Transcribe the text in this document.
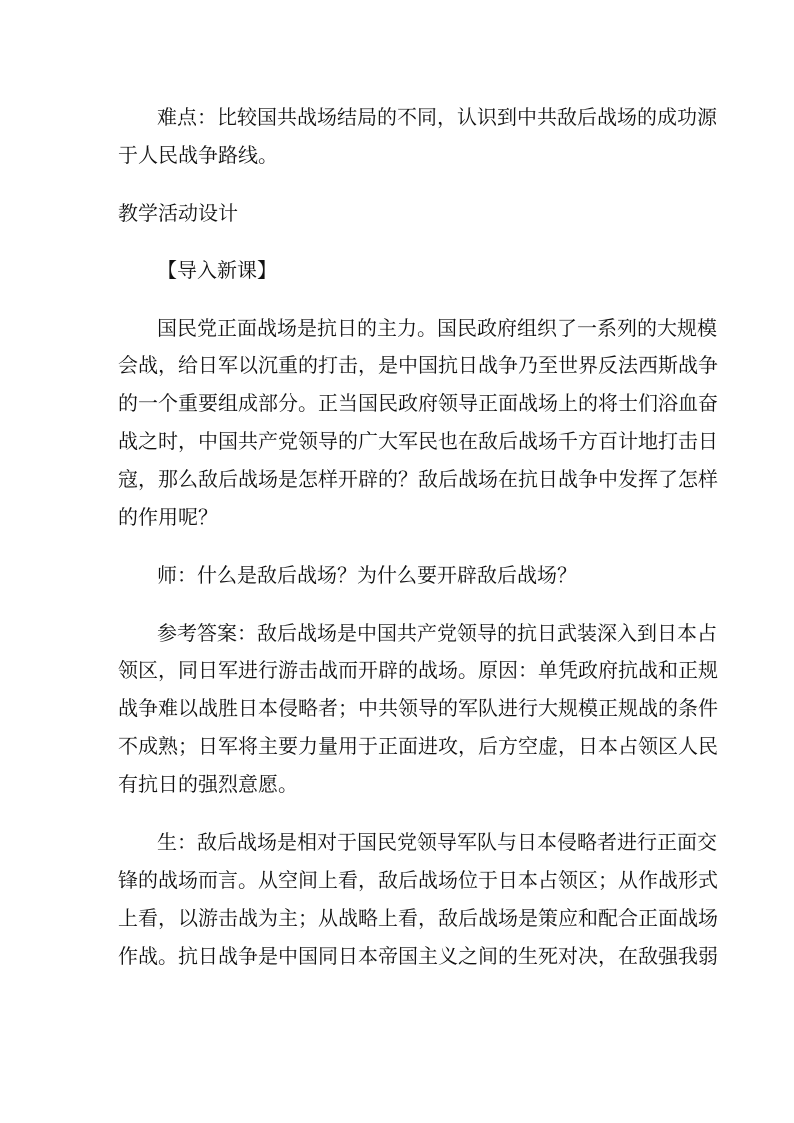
难点：比较国共战场结局的不同，认识到中共敌后战场的成功源
于人民战争路线。
教学活动设计
【导入新课】
国民党正面战场是抗日的主力。国民政府组织了一系列的大规模
会战，给日军以沉重的打击，是中国抗日战争乃至世界反法西斯战争
的一个重要组成部分。正当国民政府领导正面战场上的将士们浴血奋
战之时，中国共产党领导的广大军民也在敌后战场千方百计地打击日
寇，那么敌后战场是怎样开辟的？敌后战场在抗日战争中发挥了怎样
的作用呢？
师：什么是敌后战场？为什么要开辟敌后战场？
参考答案：敌后战场是中国共产党领导的抗日武装深入到日本占
领区，同日军进行游击战而开辟的战场。原因：单凭政府抗战和正规
战争难以战胜日本侵略者；中共领导的军队进行大规模正规战的条件
不成熟；日军将主要力量用于正面进攻，后方空虚，日本占领区人民
有抗日的强烈意愿。
生：敌后战场是相对于国民党领导军队与日本侵略者进行正面交
锋的战场而言。从空间上看，敌后战场位于日本占领区；从作战形式
上看，以游击战为主；从战略上看，敌后战场是策应和配合正面战场
作战。抗日战争是中国同日本帝国主义之间的生死对决，在敌强我弱
